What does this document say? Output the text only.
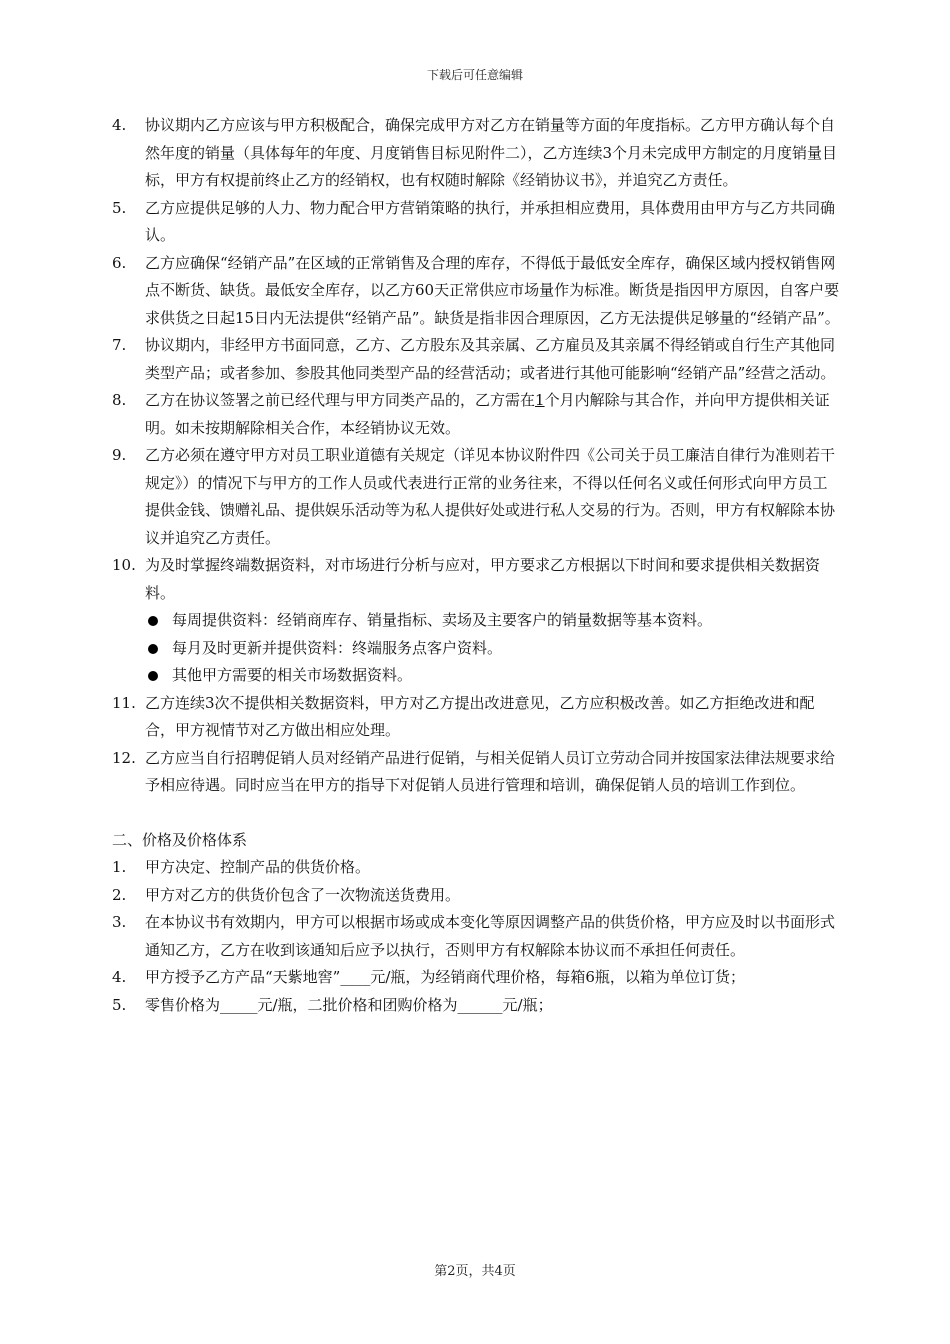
下载后可任意编辑
4. 协议期内乙方应该与甲方积极配合，确保完成甲方对乙方在销量等方面的年度指标。乙方甲方确认每个自然年度的销量（具体每年的年度、月度销售目标见附件二），乙方连续3个月未完成甲方制定的月度销量目标，甲方有权提前终止乙方的经销权，也有权随时解除《经销协议书》，并追究乙方责任。
5. 乙方应提供足够的人力、物力配合甲方营销策略的执行，并承担相应费用，具体费用由甲方与乙方共同确认。
6. 乙方应确保“经销产品”在区域的正常销售及合理的库存，不得低于最低安全库存，确保区域内授权销售网点不断货、缺货。最低安全库存，以乙方60天正常供应市场量作为标准。断货是指因甲方原因，自客户要求供货之日起15日内无法提供“经销产品”。缺货是指非因合理原因，乙方无法提供足够量的“经销产品”。
7. 协议期内，非经甲方书面同意，乙方、乙方股东及其亲属、乙方雇员及其亲属不得经销或自行生产其他同类型产品；或者参加、参股其他同类型产品的经营活动；或者进行其他可能影响“经销产品”经营之活动。
8. 乙方在协议签署之前已经代理与甲方同类产品的，乙方需在1个月内解除与其合作，并向甲方提供相关证明。如未按期解除相关合作，本经销协议无效。
9. 乙方必须在遵守甲方对员工职业道德有关规定（详见本协议附件四《公司关于员工廉洁自律行为准则若干规定》）的情况下与甲方的工作人员或代表进行正常的业务往来，不得以任何名义或任何形式向甲方员工提供金钱、馈赠礼品、提供娱乐活动等为私人提供好处或进行私人交易的行为。否则，甲方有权解除本协议并追究乙方责任。
10. 为及时掌握终端数据资料，对市场进行分析与应对，甲方要求乙方根据以下时间和要求提供相关数据资料。
每周提供资料：经销商库存、销量指标、卖场及主要客户的销量数据等基本资料。
每月及时更新并提供资料：终端服务点客户资料。
其他甲方需要的相关市场数据资料。
11. 乙方连续3次不提供相关数据资料，甲方对乙方提出改进意见，乙方应积极改善。如乙方拒绝改进和配合，甲方视情节对乙方做出相应处理。
12. 乙方应当自行招聘促销人员对经销产品进行促销，与相关促销人员订立劳动合同并按国家法律法规要求给予相应待遇。同时应当在甲方的指导下对促销人员进行管理和培训，确保促销人员的培训工作到位。
二、价格及价格体系
1. 甲方决定、控制产品的供货价格。
2. 甲方对乙方的供货价包含了一次物流送货费用。
3. 在本协议书有效期内，甲方可以根据市场或成本变化等原因调整产品的供货价格，甲方应及时以书面形式通知乙方，乙方在收到该通知后应予以执行，否则甲方有权解除本协议而不承担任何责任。
4. 甲方授予乙方产品“天紫地窖”____元/瓶，为经销商代理价格，每箱6瓶，以箱为单位订货；
5. 零售价格为_____元/瓶，二批价格和团购价格为______元/瓶；
第2页，共4页
